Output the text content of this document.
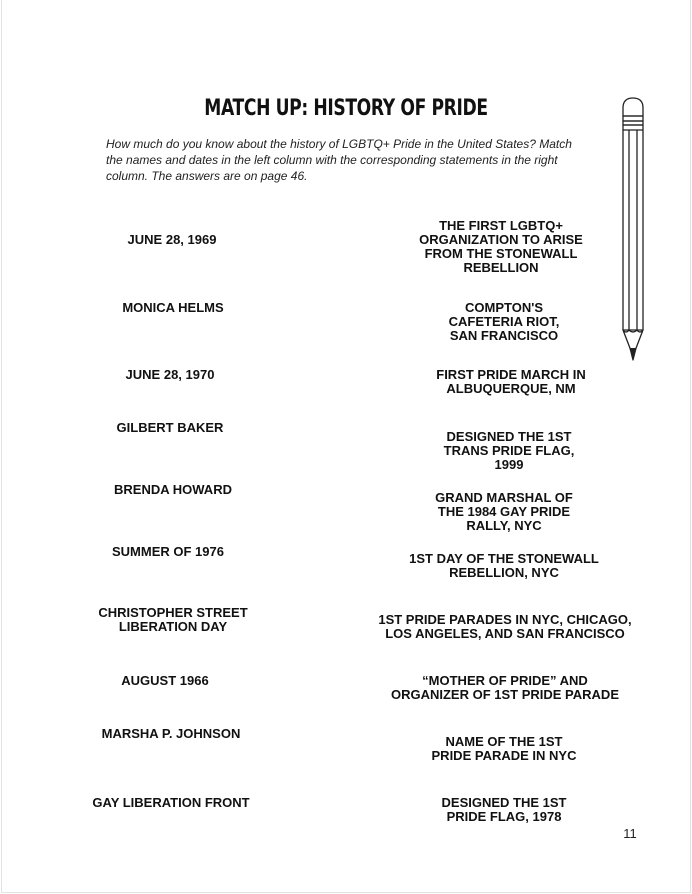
MATCH UP: HISTORY OF PRIDE
How much do you know about the history of LGBTQ+ Pride in the United States? Match the names and dates in the left column with the corresponding statements in the right column. The answers are on page 46.
JUNE 28, 1969
MONICA HELMS
JUNE 28, 1970
GILBERT BAKER
BRENDA HOWARD
SUMMER OF 1976
CHRISTOPHER STREET LIBERATION DAY
AUGUST 1966
MARSHA P. JOHNSON
GAY LIBERATION FRONT
THE FIRST LGBTQ+ ORGANIZATION TO ARISE FROM THE STONEWALL REBELLION
COMPTON'S CAFETERIA RIOT, SAN FRANCISCO
FIRST PRIDE MARCH IN ALBUQUERQUE, NM
DESIGNED THE 1ST TRANS PRIDE FLAG, 1999
GRAND MARSHAL OF THE 1984 GAY PRIDE RALLY, NYC
1ST DAY OF THE STONEWALL REBELLION, NYC
1ST PRIDE PARADES IN NYC, CHICAGO, LOS ANGELES, AND SAN FRANCISCO
“MOTHER OF PRIDE” AND ORGANIZER OF 1ST PRIDE PARADE
NAME OF THE 1ST PRIDE PARADE IN NYC
DESIGNED THE 1ST PRIDE FLAG, 1978
11
